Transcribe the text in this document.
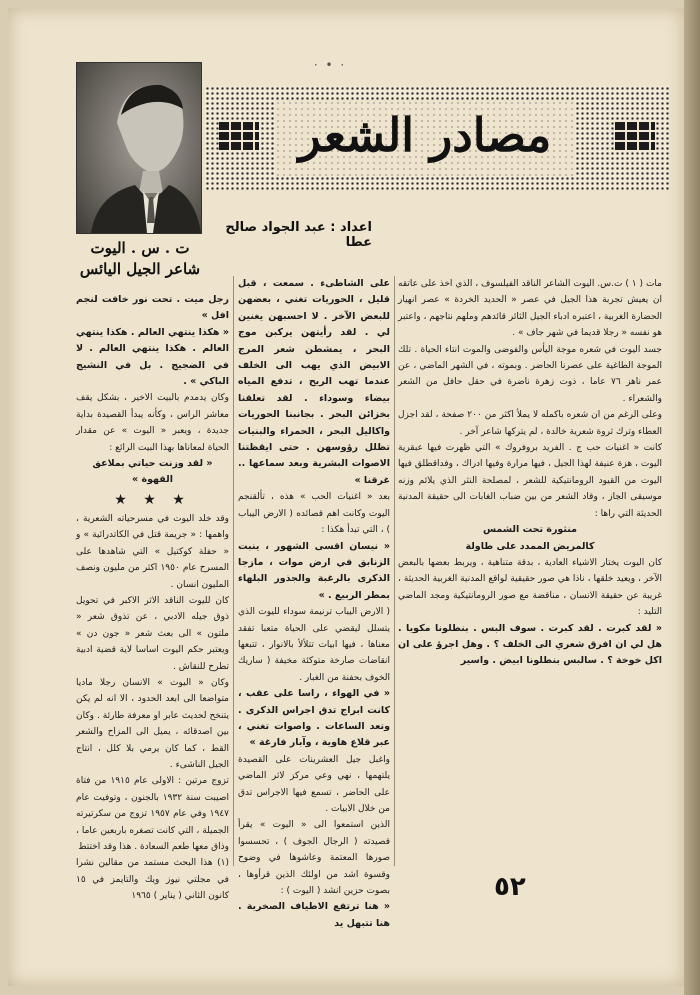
· • ·
مصادر الشعر
اعداد : عبد الجواد صالح عطا
ت . س . اليوت
شاعر الجيل اليائس

مات ( ١ ) ت.س. اليوت الشاعر الناقد الفيلسوف ، الذي اخذ على عاتقه ان يعيش تجربة هذا الجيل في عصر « الحديد الخردة » عصر انهيار الحضارة الغربية ، اعتبره ادباء الجيل الثائر قائدهم وملهم نتاجهم ، واعتبر هو نفسه « رجلا قديما في شهر جاف » .

جسد اليوت في شعره موجة اليأس والفوضى والموت انتاء الحياة . تلك الموجة الطاغية على عصرنا الحاضر . وبموته ، في الشهر الماضي ، عن عمر ناهز ٧٦ عاما ، ذوت زهرة ناضرة في حقل حافل من الشعر والشعراء .

وعلى الرغم من ان شعره باكمله لا يملأ اكثر من ٢٠٠ صفحة ، لقد اجزل العطاء وترك ثروة شعرية خالدة ، لم يتركها شاعر آخر .

كانت « اغنيات حب ج . الفريد بروفروك » التي ظهرت فيها عبقرية اليوت ، هزة عنيفة لهذا الجيل ، فيها مرارة وفيها ادراك ، وفداقطلق فيها اليوت من القيود الرومانتيكية للشعر ، لمصلحة النثر الذي يلائم وزنه موسيقى الجاز ، وقاد الشعر من بين ضباب الغابات الى حقيقة المدنية الحديثة التي راها :

منثورة تحت الشمس

كالمريض الممدد على طاولة

كان اليوت يختار الاشياء العادية ، بدقة متناهية ، ويربط بعضها بالبعض الآخر ، ويعيد خلقها ، ناذا هي صور حقيقية لواقع المدنية الغربية الحديثة ، غريبة عن حقيقة الانسان ، مناقضة مع صور الرومانتيكية ومجد الماضي التليد :

« لقد كبرت . لقد كبرت . سوف البس . بنطلونا مكويا . هل لي ان افرق شعري الى الخلف ؟ . وهل اجرؤ على ان اكل خوخة ؟ . سالبس بنطلونا ابيض . واسير

على الشاطىء . سمعت ، قبل قليل ، الحوريات تغني ، بعضهن للبعض الآخر . لا احسبهن يغنين لي . لقد رأيتهن يركبن موج البحر ، يمشطن شعر المرج الابيض الذي يهب الى الخلف عندما تهب الريح ، تدفع المياه بيضاء وسوداء . لقد تعلقنا بخزائن البحر . بجانبنا الحوريات واكاليل البحر ، الحمراء والبنيات تظلل رؤوسهن . حتى ايقظتنا الاصوات البشرية وبعد سماعها .. غرقنا »

بعد « اغنيات الحب » هذه ، تألقنجم اليوت وكانت اهم قصائده ( الارض اليباب ) ، التي تبدأ هكذا :

« نيسان اقسى الشهور ، ينبت الزنابق في ارض موات ، مازجا الذكرى بالرغبة والجذور البلهاء بمطر الربيع . »

( الارض اليباب ترنيمة سوداء لليوت الذي يتسلل ليقضي على الحياة متعبا تفقد معناها ، فيها ابيات تتلألأ بالانوار ، تتبعها انقاضات صارخة متوكئة مخيفة ( ساريك الخوف بحفنة من الغبار .

« في الهواء ، راسا على عقب ، كانت ابراج تدق اجراس الذكرى . وتعد الساعات . واصوات تغني ، عبر قلاع هاوية ، وآبار فارغة »

واغبل جيل العشرينات على القصيدة يلتهمها ، نهي وعي مركز لاثر الماضي على الحاضر ، تسمع فيها الاجراس تدق من خلال الابيات .

الذين استمعوا الى « اليوت » يقرأ قصيدته ( الرجال الجوف ) ، تحسسوا صورها المعتمة وعاشوها في وضوح وقسوة اشد من اولئك الذين قرأوها ، بصوت حزين انشد ( اليوت ) :

« هنا ترتفع الاطياف الصخرية . هنا تتبهل يد

رجل ميت . تحت نور خافت لنجم افل »

« هكذا ينتهي العالم . هكذا ينتهي العالم . هكذا ينتهي العالم . لا في الضجيج . بل في النشيج الباكي » .

وكان يدمدم بالبيت الاخير ، بشكل يقف معاشر الراس ، وكأنه يبدأ القصيدة بداية جديدة ، ويعبر « اليوت » عن مقدار الحياة لمعاناها بهذا البيت الرائع :

« لقد وزنت حياتي بملاعق القهوة »

★ ★ ★

وقد خلد اليوت في مسرحياته الشعرية ، واهمها : « جريمة قتل في الكاتدرائية » و « حفلة كوكتيل » التي شاهدها على المسرح عام ١٩٥٠ اكثر من مليون ونصف المليون انسان .

كان لليوت الناقد الاثر الاكبر في تحويل ذوق جيله الادبي ، عن تذوق شعر « ملتون » الى بعث شعر « جون دن » ويعتبر حكم اليوت اساسا لاية قضية ادبية تطرح للنقاش .

وكان « اليوت » الانسان رجلا ماديا متواضعا الى ابعد الحدود ، الا انه لم يكن يتنخح لحديث عابر او معرفة طارئة . وكان بين اصدقائه ، يميل الى المزاح والشعر القط ، كما كان يرمي بلا كلل ، انتاج الجيل الناشىء .

تزوج مرتين : الاولى عام ١٩١٥ من فتاة اصيبت سنة ١٩٣٢ بالجنون ، وتوفيت عام ١٩٤٧ وفي عام ١٩٥٧ تزوج من سكرتيرته الجميلة ، التي كانت تصغره باربعين عاما ، وذاق معها طعم السعادة . هذا وقد اختتط

(١) هذا البحث مستمد من مقالين نشرا في مجلتي نيوز ويك والتايمز في ١٥ كانون الثاني ( يناير ) ١٩٦٥	٥٢
